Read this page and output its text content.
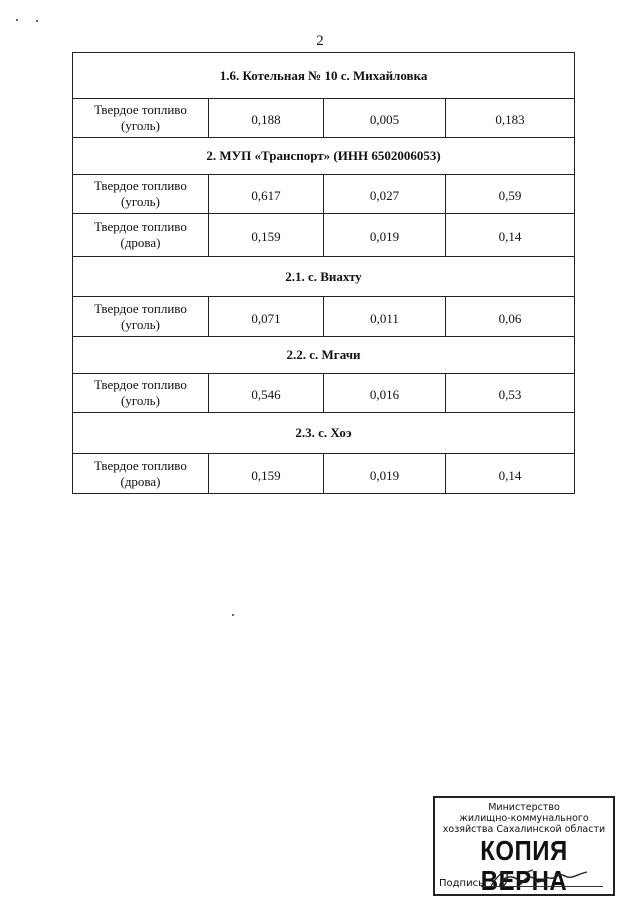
2
1.6. Котельная № 10 с. Михайловка			

Твердое топливо
(уголь)	0,188	0,005	0,183
2. МУП «Транспорт» (ИНН 6502006053)			

Твердое топливо
(уголь)	0,617	0,027	0,59

Твердое топливо
(дрова)	0,159	0,019	0,14
2.1. с. Виахту			

Твердое топливо
(уголь)	0,071	0,011	0,06
2.2. с. Мгачи			

Твердое топливо
(уголь)	0,546	0,016	0,53
2.3. с. Хоэ			

Твердое топливо
(дрова)	0,159	0,019	0,14
Министерство
жилищно-коммунального
хозяйства Сахалинской области
КОПИЯ ВЕРНА
Подпись
